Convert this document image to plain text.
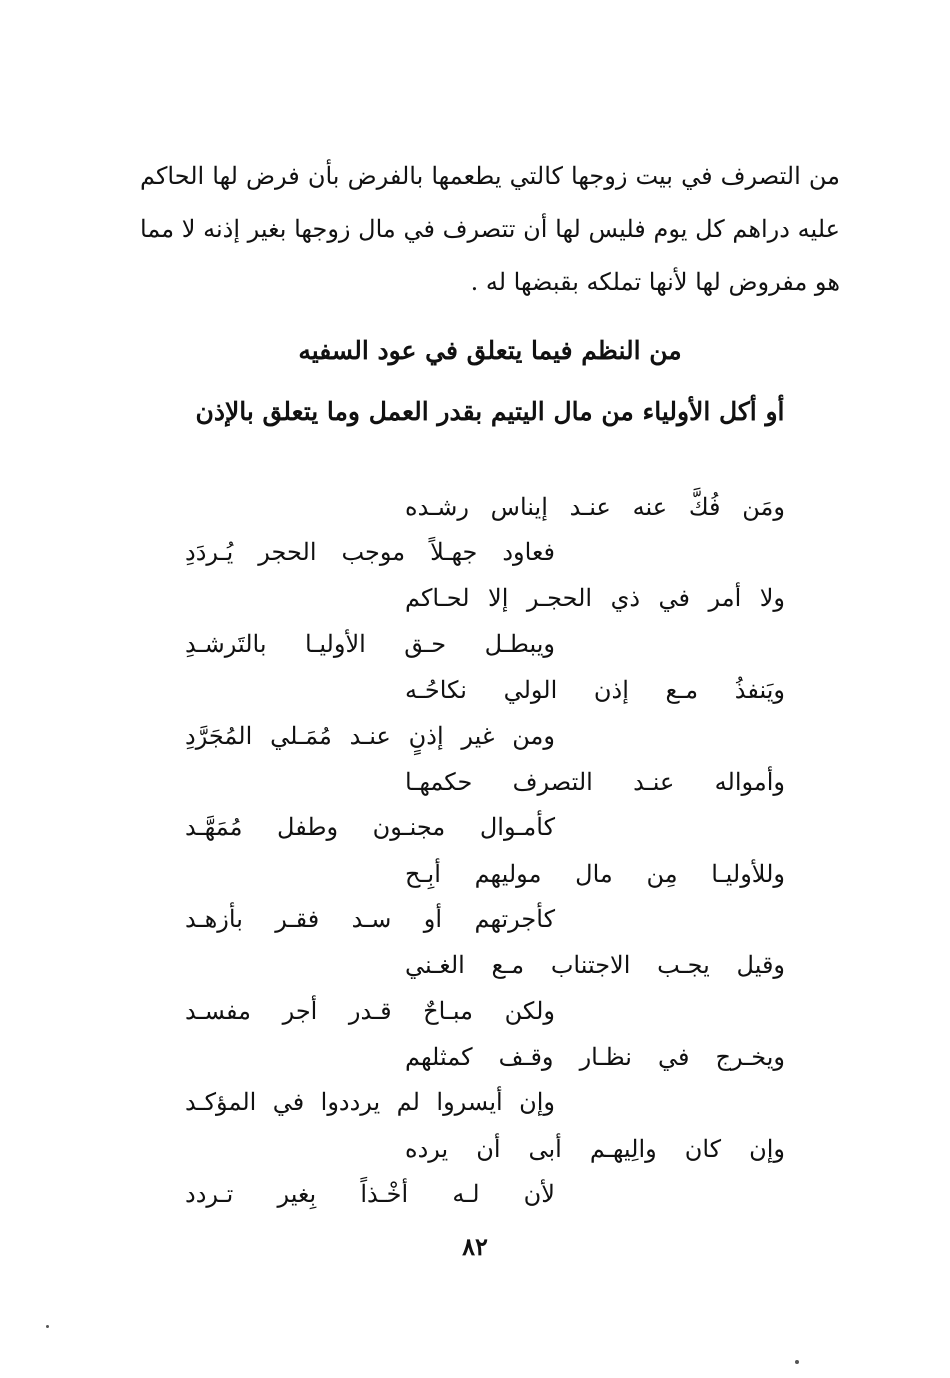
من التصرف في بيت زوجها كالتي يطعمها بالفرض بأن فرض لها الحاكم
عليه دراهم كل يوم فليس لها أن تتصرف في مال زوجها بغير إذنه لا مما
هو مفروض لها لأنها تملكه بقبضها له .
من النظم فيما يتعلق في عود السفيه
أو أكل الأولياء من مال اليتيم بقدر العمل وما يتعلق بالإذن
ومَن فُكَّ عنه عنـد إيناس رشـده
فعاود جهـلاً موجب الحجر يُـردَدِ
ولا أمر في ذي الحجـر إلا لحـاكم
ويبطـل حـق الأوليـا بالتَرشـدِ
ويَنفذُ مـع إذن الولي نكاحُـه
ومن غير إذنٍ عنـد مُمَـلي المُجَرَّدِ
وأمواله عنـد التصرف حكمهـا
كأمـوال مجنـون وطفل مُمَهَّـد
وللأوليـا مِن مال موليهم أبِـح
كأجرتهم أو سـد فقـر بأزهـد
وقيل يجـب الاجتناب مـع الغـني
ولكن مبـاحٌ قـدر أجر مفسـد
ويخـرج في نظـار وقـف كمثلهم
وإن أيسروا لم يرددوا في المؤكـد
وإن كان والِيهـم أبى أن يرده
لأن لـه أخْـذاً بِغير تـردد
٨٢
